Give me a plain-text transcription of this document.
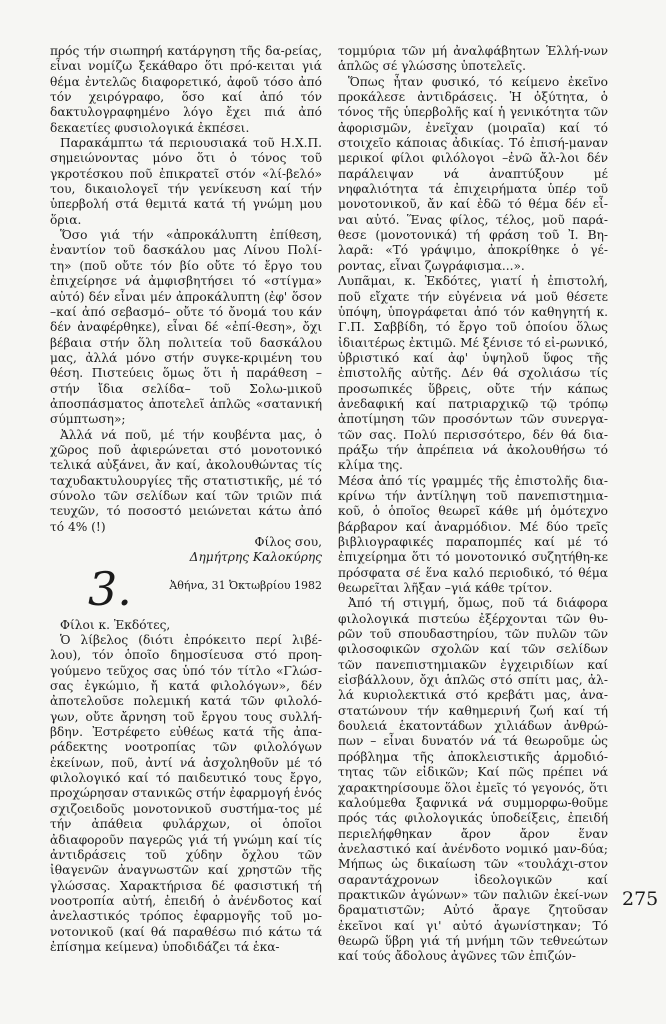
πρός τήν σιωπηρή κατάργηση τῆς δα-ρείας, εἶναι νομίζω ξεκάθαρο ὅτι πρό-κειται γιά θέμα ἐντελῶς διαφορετικό, ἀφοῦ τόσο ἀπό τόν χειρόγραφο, ὅσο καί ἀπό τόν δακτυλογραφημένο λόγο ἔχει πιά ἀπό δεκαετίες φυσιολογικά ἐκπέσει.

Παρακάμπτω τά περιουσιακά τοῦ Η.Χ.Π. σημειώνοντας μόνο ὅτι ὁ τόνος τοῦ γκροτέσκου ποῦ ἐπικρατεῖ στόν «λί-βελό» του, δικαιολογεῖ τήν γενίκευση καί τήν ὑπερβολή στά θεμιτά κατά τή γνώμη μου ὅρια.

Ὅσο γιά τήν «ἀπροκάλυπτη ἐπίθεση, ἐναντίον τοῦ δασκάλου μας Λίνου Πολί-τη» (ποῦ οὔτε τόν βίο οὔτε τό ἔργο του ἐπιχείρησε νά ἀμφισβητήσει τό «στίγμα» αὐτό) δέν εἶναι μέν ἀπροκάλυπτη (ἐφ' ὅσον –καί ἀπό σεβασμό– οὔτε τό ὄνομά του κάν δέν ἀναφέρθηκε), εἶναι δέ «ἐπί-θεση», ὄχι βέβαια στήν ὅλη πολιτεία τοῦ δασκάλου μας, ἀλλά μόνο στήν συγκε-κριμένη του θέση. Πιστεύεις ὅμως ὅτι ἡ παράθεση –στήν ἴδια σελίδα– τοῦ Σολω-μικοῦ ἀποσπάσματος ἀποτελεῖ ἁπλῶς «σατανική σύμπτωση»;

Ἀλλά νά ποῦ, μέ τήν κουβέντα μας, ὁ χῶρος ποῦ ἀφιερώνεται στό μονοτονικό τελικά αὐξάνει, ἄν καί, ἀκολουθώντας τίς ταχυδακτυλουργίες τῆς στατιστικῆς, μέ τό σύνολο τῶν σελίδων καί τῶν τριῶν πιά τευχῶν, τό ποσοστό μειώνεται κάτω ἀπό τό 4% (!)

Φίλος σου,

Δημήτρης Καλοκύρης

3.	Ἀθήνα, 31 Ὀκτωβρίου 1982

Φίλοι κ. Ἐκδότες,

Ὁ λίβελος (διότι ἐπρόκειτο περί λιβέ-λου), τόν ὁποῖο δημοσίευσα στό προη-γούμενο τεῦχος σας ὑπό τόν τίτλο «Γλώσ-σας ἐγκώμιο, ἤ κατά φιλολόγων», δέν ἀποτελοῦσε πολεμική κατά τῶν φιλολό-γων, οὔτε ἄρνηση τοῦ ἔργου τους συλλή-βδην. Ἐστρέφετο εὐθέως κατά τῆς ἀπα-ράδεκτης νοοτροπίας τῶν φιλολόγων ἐκείνων, ποῦ, ἀντί νά ἀσχοληθοῦν μέ τό φιλολογικό καί τό παιδευτικό τους ἔργο, προχώρησαν στανικῶς στήν ἐφαρμογή ἑνός σχιζοειδοῦς μονοτονικοῦ συστήμα-τος μέ τήν ἀπάθεια φυλάρχων, οἱ ὁποῖοι ἀδιαφοροῦν παγερῶς γιά τή γνώμη καί τίς ἀντιδράσεις τοῦ χύδην ὄχλου τῶν ἰθαγενῶν ἀναγνωστῶν καί χρηστῶν τῆς γλώσσας. Χαρακτήρισα δέ φασιστική τή νοοτροπία αὐτή, ἐπειδή ὁ ἀνένδοτος καί ἀνελαστικός τρόπος ἐφαρμογῆς τοῦ μο-νοτονικοῦ (καί θά παραθέσω πιό κάτω τά ἐπίσημα κείμενα) ὑποδιδάζει τά ἑκα-

τομμύρια τῶν μή ἀναλφάβητων Ἑλλή-νων ἁπλῶς σέ γλώσσης ὑποτελεῖς.

Ὅπως ἦταν φυσικό, τό κείμενο ἐκεῖνο προκάλεσε ἀντιδράσεις. Ἡ ὀξύτητα, ὁ τόνος τῆς ὑπερβολῆς καί ἡ γενικότητα τῶν ἀφορισμῶν, ἐνεῖχαν (μοιραῖα) καί τό στοιχεῖο κάποιας ἀδικίας. Τό ἐπισή-μαναν μερικοί φίλοι φιλόλογοι –ἐνῶ ἄλ-λοι δέν παράλειψαν νά ἀναπτύξουν μέ νηφαλιότητα τά ἐπιχειρήματα ὑπέρ τοῦ μονοτονικοῦ, ἄν καί ἐδῶ τό θέμα δέν εἶ-ναι αὐτό. Ἕνας φίλος, τέλος, μοῦ παρά-θεσε (μονοτονικά) τή φράση τοῦ Ἰ. Βη-λαρᾶ: «Τό γράψιμο, ἀποκρίθηκε ὁ γέ-ροντας, εἶναι ζωγράφισμα...».

Λυπᾶμαι, κ. Ἐκδότες, γιατί ἡ ἐπιστολή, ποῦ εἴχατε τήν εὐγένεια νά μοῦ θέσετε ὑπόψη, ὑπογράφεται ἀπό τόν καθηγητή κ. Γ.Π. Σαββίδη, τό ἔργο τοῦ ὁποίου ὅλως ἰδιαιτέρως ἐκτιμῶ. Μέ ξένισε τό εἰ-ρωνικό, ὑβριστικό καί ἀφ' ὑψηλοῦ ὕφος τῆς ἐπιστολῆς αὐτῆς. Δέν θά σχολιάσω τίς προσωπικές ὕβρεις, οὔτε τήν κάπως ἀνεδαφική καί πατριαρχικῷ τῷ τρόπῳ ἀποτίμηση τῶν προσόντων τῶν συνεργα-τῶν σας. Πολύ περισσότερο, δέν θά δια-πράξω τήν ἀπρέπεια νά ἀκολουθήσω τό κλίμα της.

Μέσα ἀπό τίς γραμμές τῆς ἐπιστολῆς δια-κρίνω τήν ἀντίληψη τοῦ πανεπιστημια-κοῦ, ὁ ὁποῖος θεωρεῖ κάθε μή ὁμότεχνο βάρβαρον καί ἀναρμόδιον. Μέ δύο τρεῖς βιβλιογραφικές παραπομπές καί μέ τό ἐπιχείρημα ὅτι τό μονοτονικό συζητήθη-κε πρόσφατα σέ ἕνα καλό περιοδικό, τό θέμα θεωρεῖται λῆξαν –γιά κάθε τρίτον.

Ἀπό τή στιγμή, ὅμως, ποῦ τά διάφορα φιλολογικά πιστεύω ἐξέρχονται τῶν θυ-ρῶν τοῦ σπουδαστηρίου, τῶν πυλῶν τῶν φιλοσοφικῶν σχολῶν καί τῶν σελίδων τῶν πανεπιστημιακῶν ἐγχειριδίων καί εἰσβάλλουν, ὄχι ἁπλῶς στό σπίτι μας, ἀλ-λά κυριολεκτικά στό κρεβάτι μας, ἀνα-στατώνουν τήν καθημερινή ζωή καί τή δουλειά ἑκατοντάδων χιλιάδων ἀνθρώ-πων – εἶναι δυνατόν νά τά θεωροῦμε ὡς πρόβλημα τῆς ἀποκλειστικῆς ἁρμοδιό-τητας τῶν εἰδικῶν; Καί πῶς πρέπει νά χαρακτηρίσουμε ὅλοι ἐμεῖς τό γεγονός, ὅτι καλούμεθα ξαφνικά νά συμμορφω-θοῦμε πρός τάς φιλολογικάς ὑποδείξεις, ἐπειδή περιελήφθηκαν ἄρον ἄρον ἕναν ἀνελαστικό καί ἀνένδοτο νομικό μαν-δύα; Μήπως ὡς δικαίωση τῶν «τουλάχι-στον σαραντάχρονων ἰδεολογικῶν καί πρακτικῶν ἀγώνων» τῶν παλιῶν ἐκεί-νων δραματιστῶν; Αὐτό ἄραγε ζητοῦσαν ἐκεῖνοι καί γι' αὐτό ἀγωνίστηκαν; Τό θεωρῶ ὕβρη γιά τή μνήμη τῶν τεθνεώτων καί τούς ἄδολους ἀγῶνες τῶν ἐπιζών-

275
